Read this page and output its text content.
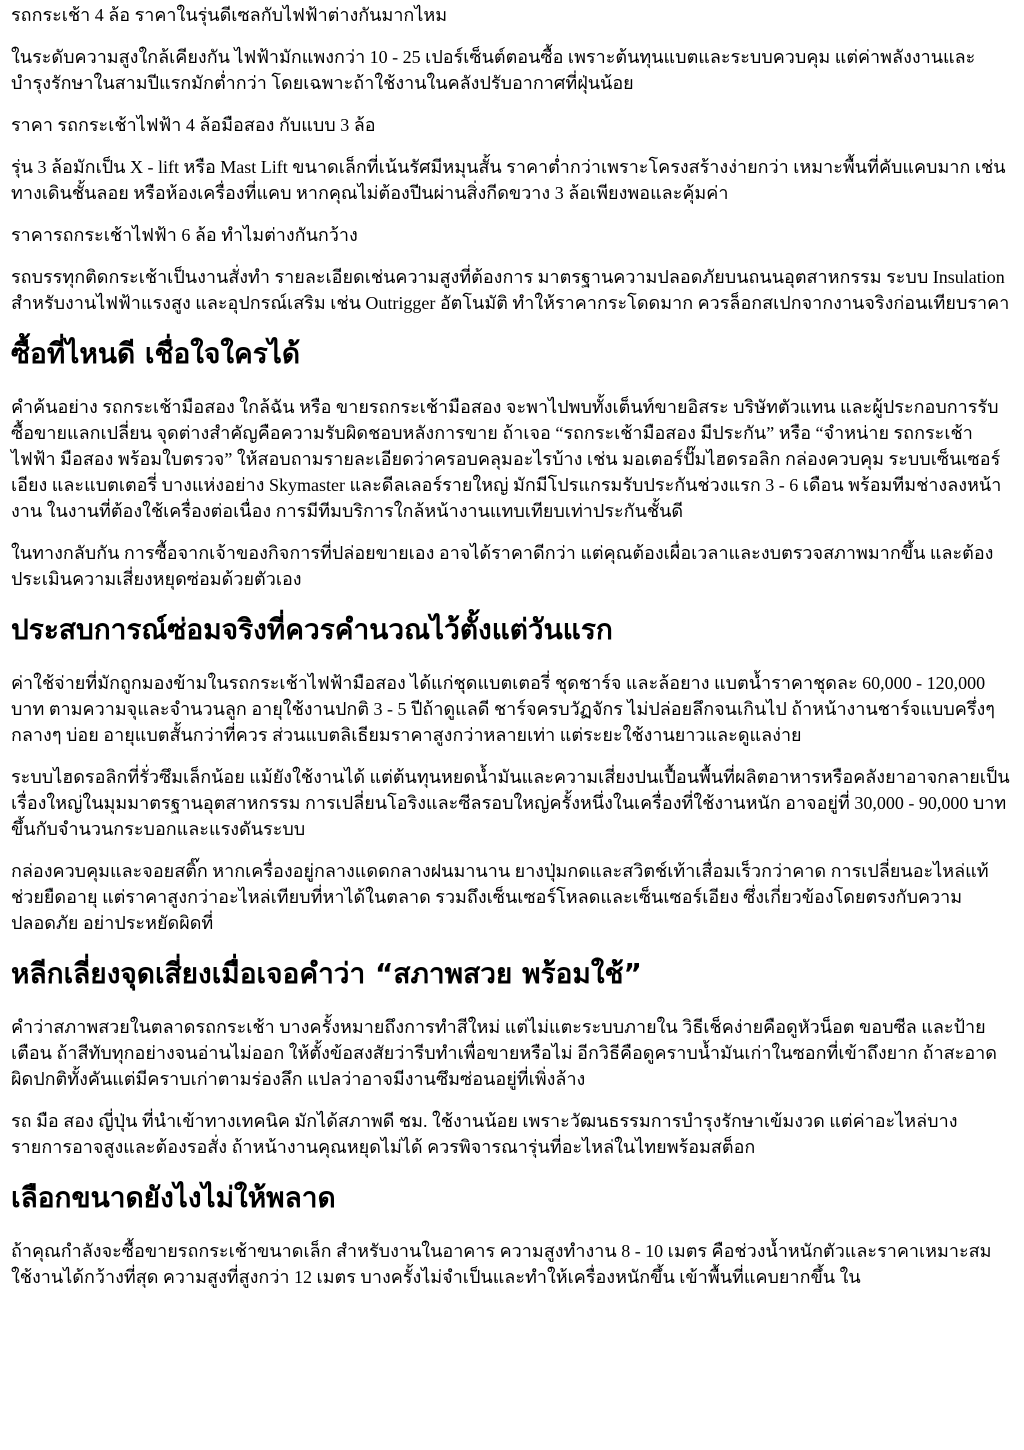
รถกระเช้า 4 ล้อ ราคาในรุ่นดีเซลกับไฟฟ้าต่างกันมากไหม

ในระดับความสูงใกล้เคียงกัน ไฟฟ้ามักแพงกว่า 10 - 25 เปอร์เซ็นต์ตอนซื้อ เพราะต้นทุนแบตและระบบควบคุม แต่ค่าพลังงานและบำรุงรักษาในสามปีแรกมักต่ำกว่า โดยเฉพาะถ้าใช้งานในคลังปรับอากาศที่ฝุ่นน้อย

ราคา รถกระเช้าไฟฟ้า 4 ล้อมือสอง กับแบบ 3 ล้อ

รุ่น 3 ล้อมักเป็น X - lift หรือ Mast Lift ขนาดเล็กที่เน้นรัศมีหมุนสั้น ราคาต่ำกว่าเพราะโครงสร้างง่ายกว่า เหมาะพื้นที่คับแคบมาก เช่น ทางเดินชั้นลอย หรือห้องเครื่องที่แคบ หากคุณไม่ต้องปีนผ่านสิ่งกีดขวาง 3 ล้อเพียงพอและคุ้มค่า

ราคารถกระเช้าไฟฟ้า 6 ล้อ ทำไมต่างกันกว้าง

รถบรรทุกติดกระเช้าเป็นงานสั่งทำ รายละเอียดเช่นความสูงที่ต้องการ มาตรฐานความปลอดภัยบนถนนอุตสาหกรรม ระบบ Insulation สำหรับงานไฟฟ้าแรงสูง และอุปกรณ์เสริม เช่น Outrigger อัตโนมัติ ทำให้ราคากระโดดมาก ควรล็อกสเปกจากงานจริงก่อนเทียบราคา

ซื้อที่ไหนดี เชื่อใจใครได้

คำค้นอย่าง รถกระเช้ามือสอง ใกล้ฉัน หรือ ขายรถกระเช้ามือสอง จะพาไปพบทั้งเต็นท์ขายอิสระ บริษัทตัวแทน และผู้ประกอบการรับซื้อขายแลกเปลี่ยน จุดต่างสำคัญคือความรับผิดชอบหลังการขาย ถ้าเจอ “รถกระเช้ามือสอง มีประกัน” หรือ “จำหน่าย รถกระเช้าไฟฟ้า มือสอง พร้อมใบตรวจ” ให้สอบถามรายละเอียดว่าครอบคลุมอะไรบ้าง เช่น มอเตอร์ปั๊มไฮดรอลิก กล่องควบคุม ระบบเซ็นเซอร์เอียง และแบตเตอรี่ บางแห่งอย่าง Skymaster และดีลเลอร์รายใหญ่ มักมีโปรแกรมรับประกันช่วงแรก 3 - 6 เดือน พร้อมทีมช่างลงหน้างาน ในงานที่ต้องใช้เครื่องต่อเนื่อง การมีทีมบริการใกล้หน้างานแทบเทียบเท่าประกันชั้นดี

ในทางกลับกัน การซื้อจากเจ้าของกิจการที่ปล่อยขายเอง อาจได้ราคาดีกว่า แต่คุณต้องเผื่อเวลาและงบตรวจสภาพมากขึ้น และต้องประเมินความเสี่ยงหยุดซ่อมด้วยตัวเอง

ประสบการณ์ซ่อมจริงที่ควรคำนวณไว้ตั้งแต่วันแรก

ค่าใช้จ่ายที่มักถูกมองข้ามในรถกระเช้าไฟฟ้ามือสอง ได้แก่ชุดแบตเตอรี่ ชุดชาร์จ และล้อยาง แบตน้ำราคาชุดละ 60,000 - 120,000 บาท ตามความจุและจำนวนลูก อายุใช้งานปกติ 3 - 5 ปีถ้าดูแลดี ชาร์จครบวัฏจักร ไม่ปล่อยลึกจนเกินไป ถ้าหน้างานชาร์จแบบครึ่งๆ กลางๆ บ่อย อายุแบตสั้นกว่าที่ควร ส่วนแบตลิเธียมราคาสูงกว่าหลายเท่า แต่ระยะใช้งานยาวและดูแลง่าย

ระบบไฮดรอลิกที่รั่วซึมเล็กน้อย แม้ยังใช้งานได้ แต่ต้นทุนหยดน้ำมันและความเสี่ยงปนเปื้อนพื้นที่ผลิตอาหารหรือคลังยาอาจกลายเป็นเรื่องใหญ่ในมุมมาตรฐานอุตสาหกรรม การเปลี่ยนโอริงและซีลรอบใหญ่ครั้งหนึ่งในเครื่องที่ใช้งานหนัก อาจอยู่ที่ 30,000 - 90,000 บาท ขึ้นกับจำนวนกระบอกและแรงดันระบบ

กล่องควบคุมและจอยสติ๊ก หากเครื่องอยู่กลางแดดกลางฝนมานาน ยางปุ่มกดและสวิตช์เท้าเสื่อมเร็วกว่าคาด การเปลี่ยนอะไหล่แท้ช่วยยืดอายุ แต่ราคาสูงกว่าอะไหล่เทียบที่หาได้ในตลาด รวมถึงเซ็นเซอร์โหลดและเซ็นเซอร์เอียง ซึ่งเกี่ยวข้องโดยตรงกับความปลอดภัย อย่าประหยัดผิดที่

หลีกเลี่ยงจุดเสี่ยงเมื่อเจอคำว่า “สภาพสวย พร้อมใช้”

คำว่าสภาพสวยในตลาดรถกระเช้า บางครั้งหมายถึงการทำสีใหม่ แต่ไม่แตะระบบภายใน วิธีเช็คง่ายคือดูหัวน็อต ขอบซีล และป้ายเตือน ถ้าสีทับทุกอย่างจนอ่านไม่ออก ให้ตั้งข้อสงสัยว่ารีบทำเพื่อขายหรือไม่ อีกวิธีคือดูคราบน้ำมันเก่าในซอกที่เข้าถึงยาก ถ้าสะอาดผิดปกติทั้งคันแต่มีคราบเก่าตามร่องลึก แปลว่าอาจมีงานซึมซ่อนอยู่ที่เพิ่งล้าง

รถ มือ สอง ญี่ปุ่น ที่นำเข้าทางเทคนิค มักได้สภาพดี ชม. ใช้งานน้อย เพราะวัฒนธรรมการบำรุงรักษาเข้มงวด แต่ค่าอะไหล่บางรายการอาจสูงและต้องรอสั่ง ถ้าหน้างานคุณหยุดไม่ได้ ควรพิจารณารุ่นที่อะไหล่ในไทยพร้อมสต็อก

เลือกขนาดยังไงไม่ให้พลาด

ถ้าคุณกำลังจะซื้อขายรถกระเช้าขนาดเล็ก สำหรับงานในอาคาร ความสูงทำงาน 8 - 10 เมตร คือช่วงน้ำหนักตัวและราคาเหมาะสม ใช้งานได้กว้างที่สุด ความสูงที่สูงกว่า 12 เมตร บางครั้งไม่จำเป็นและทำให้เครื่องหนักขึ้น เข้าพื้นที่แคบยากขึ้น ใน
